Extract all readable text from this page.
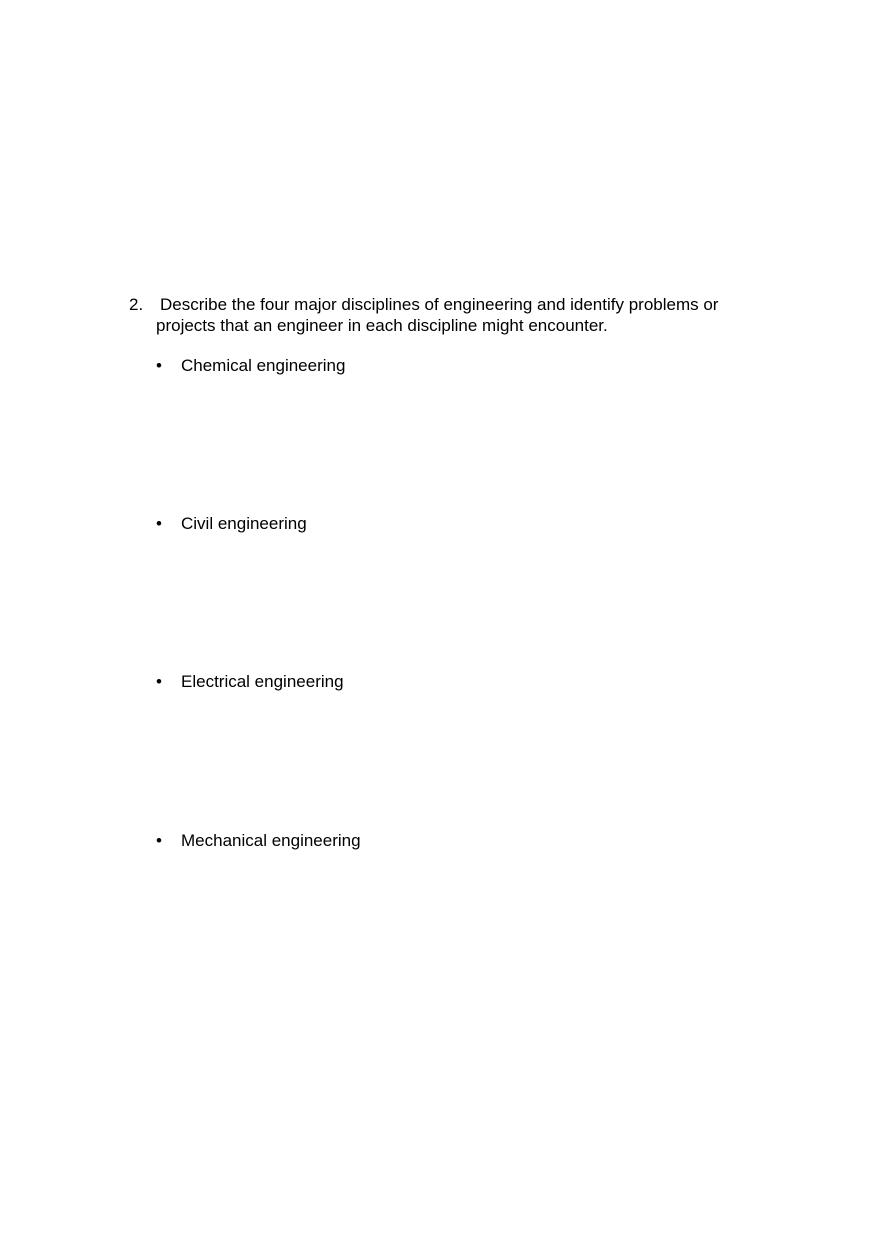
2. Describe the four major disciplines of engineering and identify problems or projects that an engineer in each discipline might encounter.
• Chemical engineering
• Civil engineering
• Electrical engineering
• Mechanical engineering
